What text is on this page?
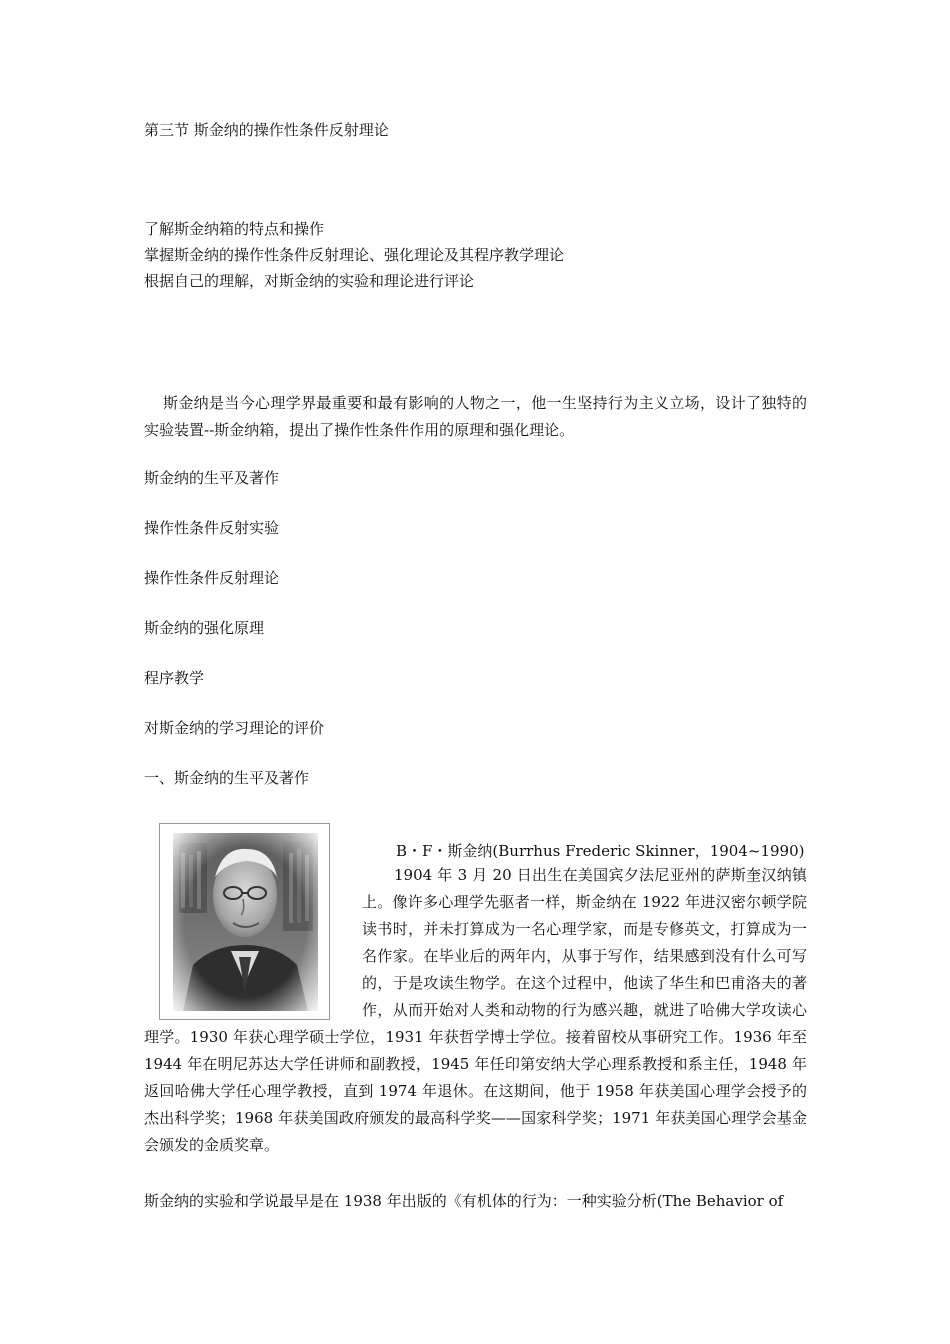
第三节 斯金纳的操作性条件反射理论
了解斯金纳箱的特点和操作
掌握斯金纳的操作性条件反射理论、强化理论及其程序教学理论
根据自己的理解，对斯金纳的实验和理论进行评论
斯金纳是当今心理学界最重要和最有影响的人物之一，他一生坚持行为主义立场，设计了独特的实验装置--斯金纳箱，提出了操作性条件作用的原理和强化理论。
斯金纳的生平及著作
操作性条件反射实验
操作性条件反射理论
斯金纳的强化原理
程序教学
对斯金纳的学习理论的评价
一、斯金纳的生平及著作
B・F・斯金纳(Burrhus Frederic Skinner，1904~1990)
1904 年 3 月 20 日出生在美国宾夕法尼亚州的萨斯奎汉纳镇上。像许多心理学先驱者一样，斯金纳在 1922 年进汉密尔顿学院读书时，并未打算成为一名心理学家，而是专修英文，打算成为一名作家。在毕业后的两年内，从事于写作，结果感到没有什么可写的，于是攻读生物学。在这个过程中，他读了华生和巴甫洛夫的著作，从而开始对人类和动物的行为感兴趣，就进了哈佛大学攻读心理学。1930 年获心理学硕士学位，1931 年获哲学博士学位。接着留校从事研究工作。1936 年至 1944 年在明尼苏达大学任讲师和副教授，1945 年任印第安纳大学心理系教授和系主任，1948 年返回哈佛大学任心理学教授，直到 1974 年退休。在这期间，他于 1958 年获美国心理学会授予的杰出科学奖；1968 年获美国政府颁发的最高科学奖——国家科学奖；1971 年获美国心理学会基金会颁发的金质奖章。
斯金纳的实验和学说最早是在 1938 年出版的《有机体的行为：一种实验分析(The Behavior of
